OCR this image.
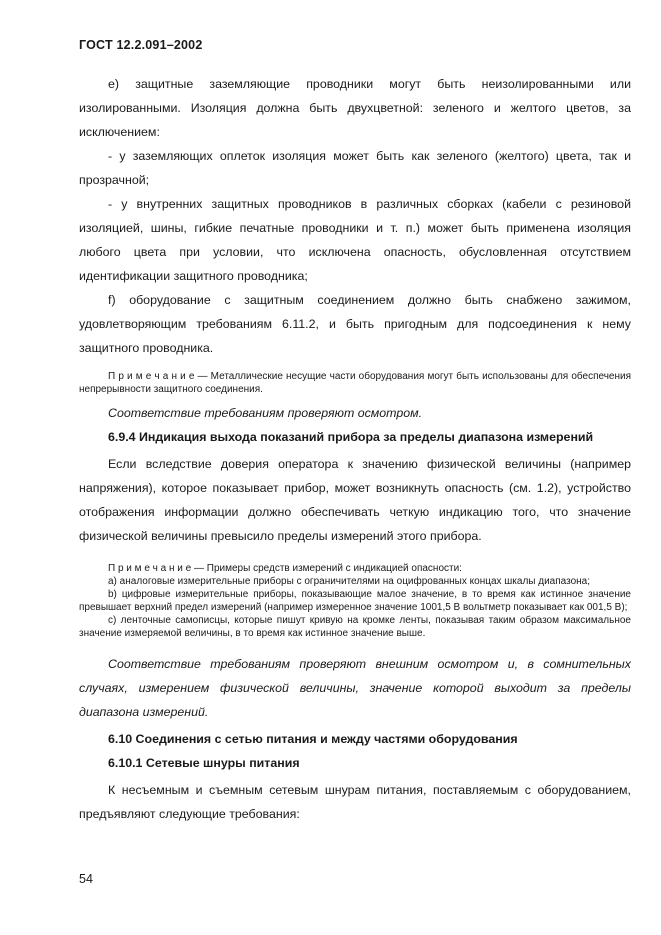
ГОСТ 12.2.091–2002

е) защитные заземляющие проводники могут быть неизолированными или изолированными. Изоляция должна быть двухцветной: зеленого и желтого цветов, за исключением:

- у заземляющих оплеток изоляция может быть как зеленого (желтого) цвета, так и прозрачной;

- у внутренних защитных проводников в различных сборках (кабели с резиновой изоляцией, шины, гибкие печатные проводники и т. п.) может быть применена изоляция любого цвета при условии, что исключена опасность, обусловленная отсутствием идентификации защитного проводника;

f) оборудование с защитным соединением должно быть снабжено зажимом, удовлетворяющим требованиям 6.11.2, и быть пригодным для подсоединения к нему защитного проводника.

П р и м е ч а н и е — Металлические несущие части оборудования могут быть использованы для обеспечения непрерывности защитного соединения.

Соответствие требованиям проверяют осмотром.

6.9.4 Индикация выхода показаний прибора за пределы диапазона измерений

Если вследствие доверия оператора к значению физической величины (например напряжения), которое показывает прибор, может возникнуть опасность (см. 1.2), устройство отображения информации должно обеспечивать четкую индикацию того, что значение физической величины превысило пределы измерений этого прибора.

П р и м е ч а н и е — Примеры средств измерений с индикацией опасности:
а) аналоговые измерительные приборы с ограничителями на оцифрованных концах шкалы диапазона;
b) цифровые измерительные приборы, показывающие малое значение, в то время как истинное значение превышает верхний предел измерений (например измеренное значение 1001,5 В вольтметр показывает как 001,5 В);
с) ленточные самописцы, которые пишут кривую на кромке ленты, показывая таким образом максимальное значение измеряемой величины, в то время как истинное значение выше.

Соответствие требованиям проверяют внешним осмотром и, в сомнительных случаях, измерением физической величины, значение которой выходит за пределы диапазона измерений.

6.10 Соединения с сетью питания и между частями оборудования

6.10.1 Сетевые шнуры питания

К несъемным и съемным сетевым шнурам питания, поставляемым с оборудованием, предъявляют следующие требования:

54
